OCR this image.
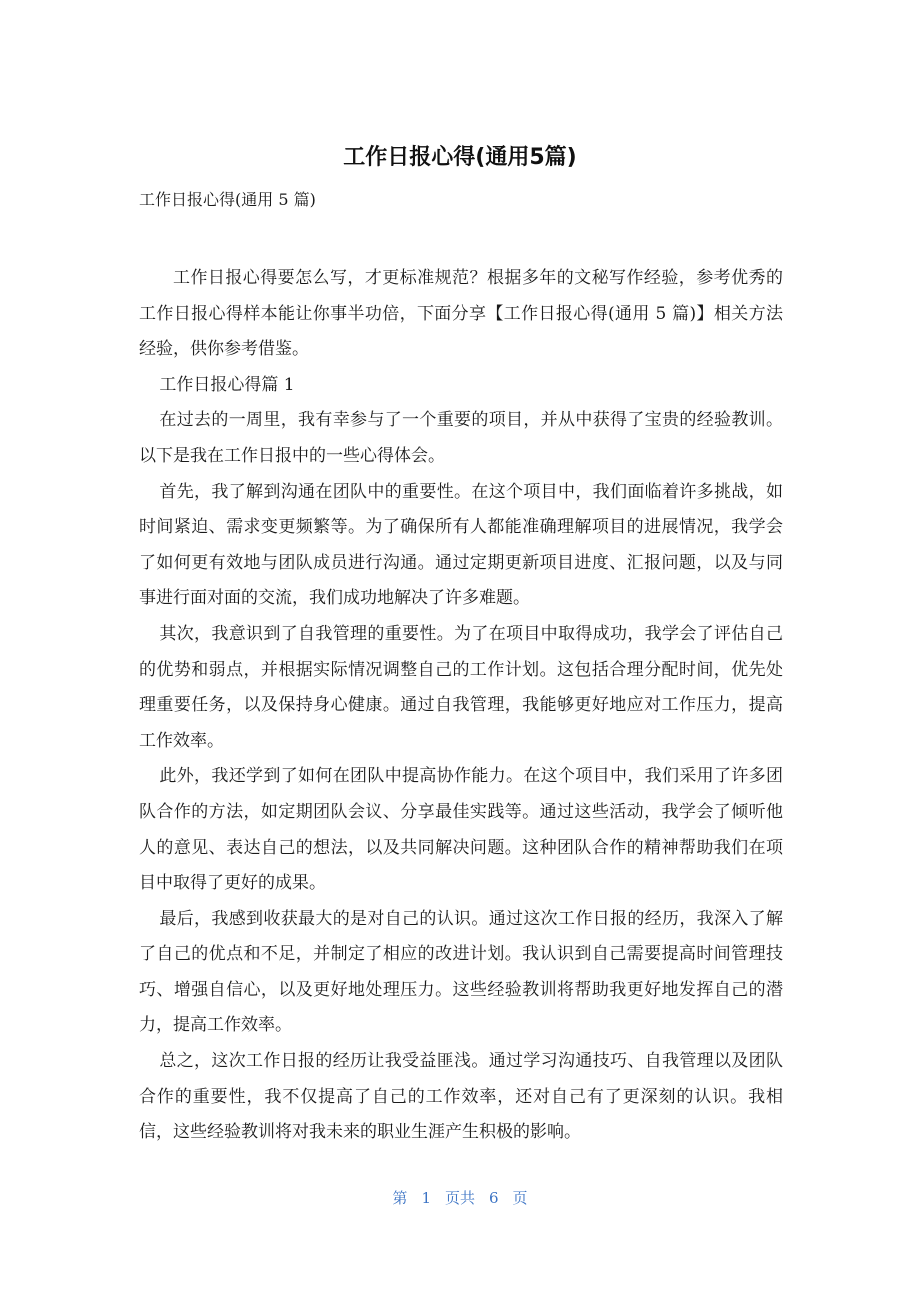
工作日报心得(通用5篇)

工作日报心得(通用 5 篇)

工作日报心得要怎么写，才更标准规范？根据多年的文秘写作经验，参考优秀的工作日报心得样本能让你事半功倍，下面分享【工作日报心得(通用 5 篇)】相关方法经验，供你参考借鉴。

工作日报心得篇 1

在过去的一周里，我有幸参与了一个重要的项目，并从中获得了宝贵的经验教训。以下是我在工作日报中的一些心得体会。

首先，我了解到沟通在团队中的重要性。在这个项目中，我们面临着许多挑战，如时间紧迫、需求变更频繁等。为了确保所有人都能准确理解项目的进展情况，我学会了如何更有效地与团队成员进行沟通。通过定期更新项目进度、汇报问题，以及与同事进行面对面的交流，我们成功地解决了许多难题。

其次，我意识到了自我管理的重要性。为了在项目中取得成功，我学会了评估自己的优势和弱点，并根据实际情况调整自己的工作计划。这包括合理分配时间，优先处理重要任务，以及保持身心健康。通过自我管理，我能够更好地应对工作压力，提高工作效率。

此外，我还学到了如何在团队中提高协作能力。在这个项目中，我们采用了许多团队合作的方法，如定期团队会议、分享最佳实践等。通过这些活动，我学会了倾听他人的意见、表达自己的想法，以及共同解决问题。这种团队合作的精神帮助我们在项目中取得了更好的成果。

最后，我感到收获最大的是对自己的认识。通过这次工作日报的经历，我深入了解了自己的优点和不足，并制定了相应的改进计划。我认识到自己需要提高时间管理技巧、增强自信心，以及更好地处理压力。这些经验教训将帮助我更好地发挥自己的潜力，提高工作效率。

总之，这次工作日报的经历让我受益匪浅。通过学习沟通技巧、自我管理以及团队合作的重要性，我不仅提高了自己的工作效率，还对自己有了更深刻的认识。我相信，这些经验教训将对我未来的职业生涯产生积极的影响。

第 1 页共 6 页
